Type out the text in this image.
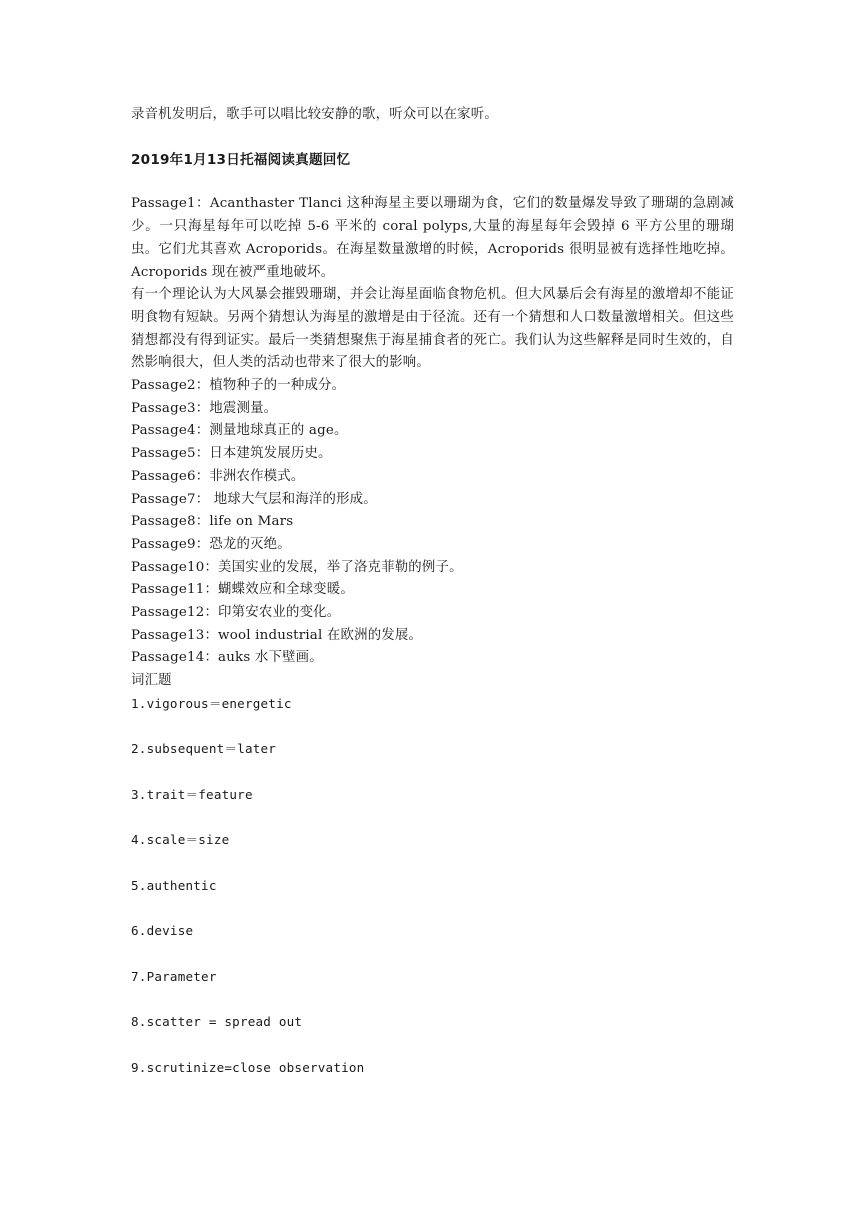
录音机发明后，歌手可以唱比较安静的歌，听众可以在家听。

2019年1月13日托福阅读真题回忆

Passage1：Acanthaster Tlanci 这种海星主要以珊瑚为食，它们的数量爆发导致了珊瑚的急剧减少。一只海星每年可以吃掉 5-6 平米的 coral polyps,大量的海星每年会毁掉 6 平方公里的珊瑚虫。它们尤其喜欢 Acroporids。在海星数量激增的时候，Acroporids 很明显被有选择性地吃掉。Acroporids 现在被严重地破坏。

有一个理论认为大风暴会摧毁珊瑚，并会让海星面临食物危机。但大风暴后会有海星的激增却不能证明食物有短缺。另两个猜想认为海星的激增是由于径流。还有一个猜想和人口数量激增相关。但这些猜想都没有得到证实。最后一类猜想聚焦于海星捕食者的死亡。我们认为这些解释是同时生效的，自然影响很大，但人类的活动也带来了很大的影响。

Passage2：植物种子的一种成分。

Passage3：地震测量。

Passage4：测量地球真正的 age。

Passage5：日本建筑发展历史。

Passage6：非洲农作模式。

Passage7： 地球大气层和海洋的形成。

Passage8：life on Mars

Passage9：恐龙的灭绝。

Passage10：美国实业的发展，举了洛克菲勒的例子。

Passage11：蝴蝶效应和全球变暖。

Passage12：印第安农业的变化。

Passage13：wool industrial 在欧洲的发展。

Passage14：auks 水下壁画。

词汇题

1.vigorous＝energetic

2.subsequent＝later

3.trait＝feature

4.scale＝size

5.authentic

6.devise

7.Parameter

8.scatter = spread out

9.scrutinize=close observation
